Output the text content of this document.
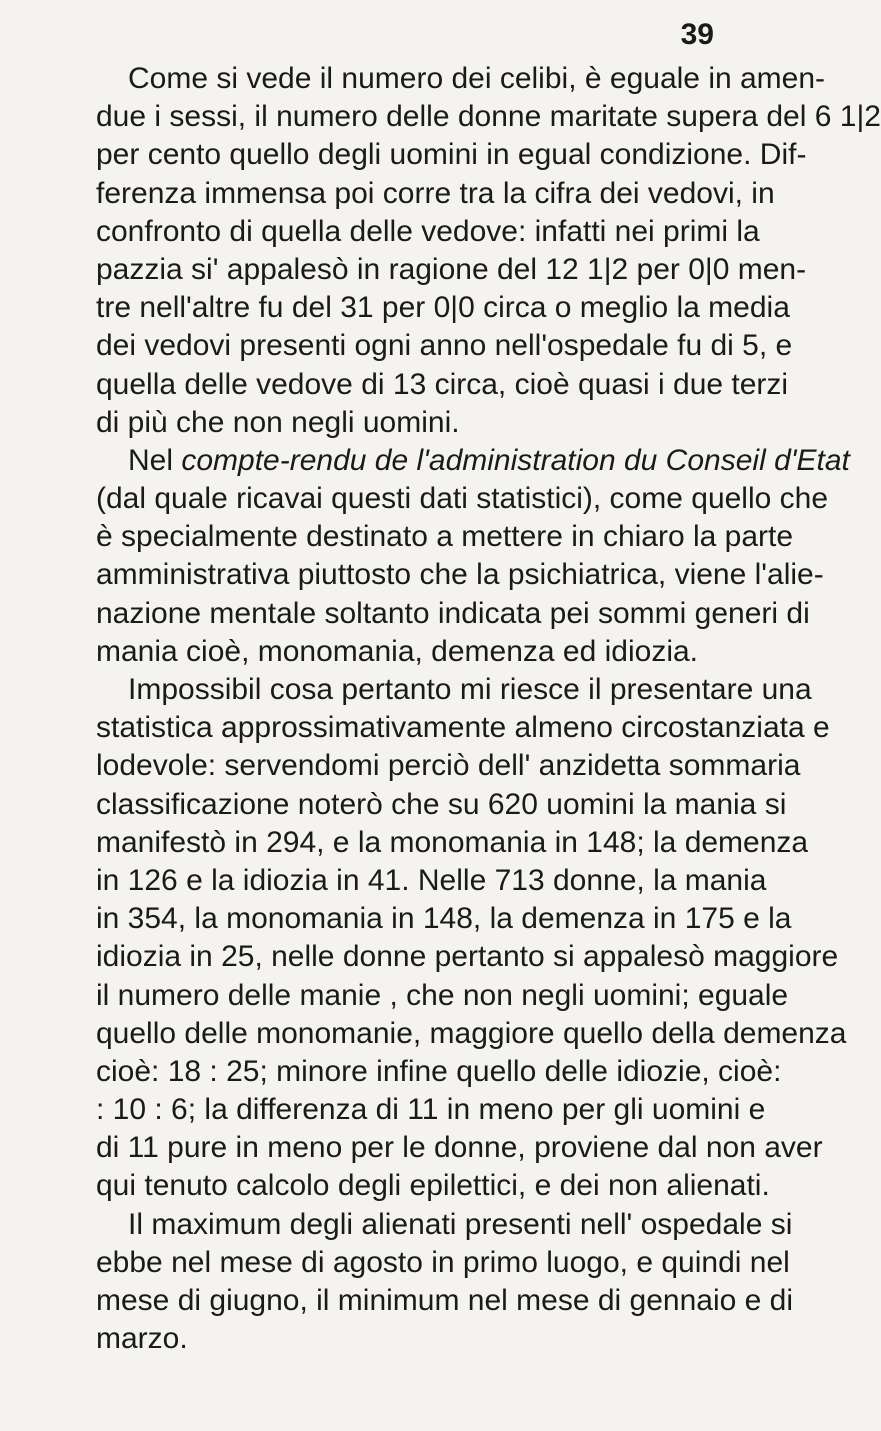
39
Come si vede il numero dei celibi, è eguale in amen-
due i sessi, il numero delle donne maritate supera del 6 1|2
per cento quello degli uomini in egual condizione. Dif-
ferenza immensa poi corre tra la cifra dei vedovi, in
confronto di quella delle vedove: infatti nei primi la
pazzia si' appalesò in ragione del 12 1|2 per 0|0 men-
tre nell'altre fu del 31 per 0|0 circa o meglio la media
dei vedovi presenti ogni anno nell'ospedale fu di 5, e
quella delle vedove di 13 circa, cioè quasi i due terzi
di più che non negli uomini.
Nel compte-rendu de l'administration du Conseil d'Etat
(dal quale ricavai questi dati statistici), come quello che
è specialmente destinato a mettere in chiaro la parte
amministrativa piuttosto che la psichiatrica, viene l'alie-
nazione mentale soltanto indicata pei sommi generi di
mania cioè, monomania, demenza ed idiozia.
Impossibil cosa pertanto mi riesce il presentare una
statistica approssimativamente almeno circostanziata e
lodevole: servendomi perciò dell' anzidetta sommaria
classificazione noterò che su 620 uomini la mania si
manifestò in 294, e la monomania in 148; la demenza
in 126 e la idiozia in 41. Nelle 713 donne, la mania
in 354, la monomania in 148, la demenza in 175 e la
idiozia in 25, nelle donne pertanto si appalesò maggiore
il numero delle manie , che non negli uomini; eguale
quello delle monomanie, maggiore quello della demenza
cioè: 18 : 25; minore infine quello delle idiozie, cioè:
: 10 : 6; la differenza di 11 in meno per gli uomini e
di 11 pure in meno per le donne, proviene dal non aver
qui tenuto calcolo degli epilettici, e dei non alienati.
Il maximum degli alienati presenti nell' ospedale si
ebbe nel mese di agosto in primo luogo, e quindi nel
mese di giugno, il minimum nel mese di gennaio e di
marzo.
